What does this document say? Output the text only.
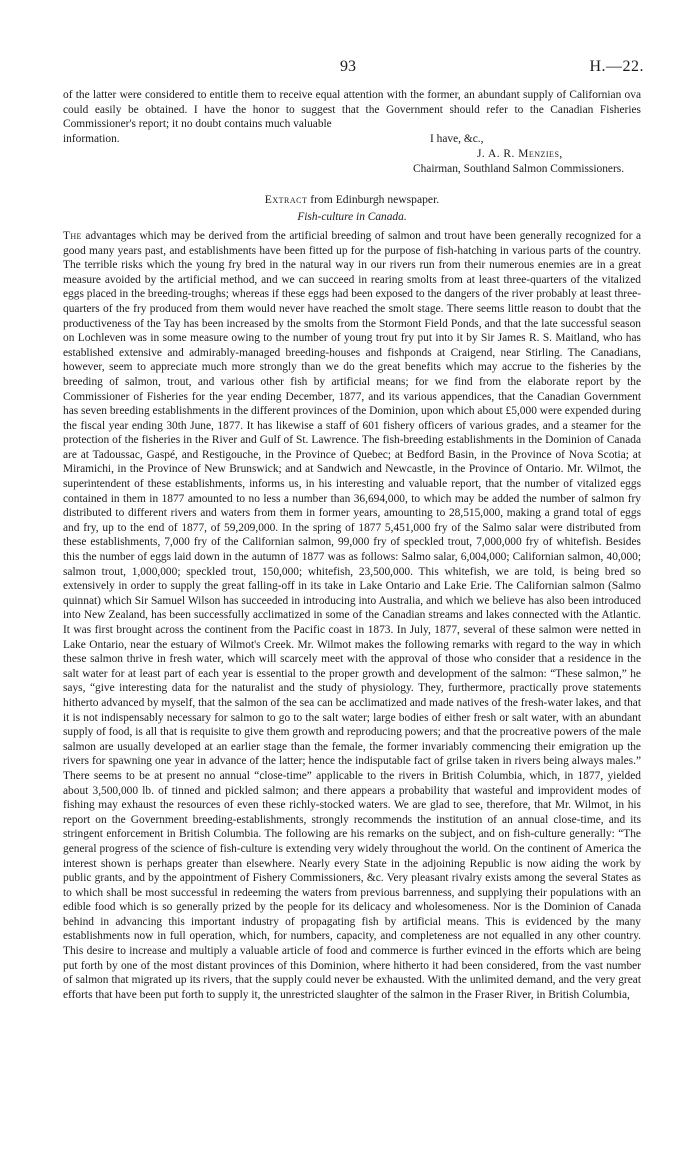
93	H.—22.

of the latter were considered to entitle them to receive equal attention with the former, an abundant supply of Californian ova could easily be obtained. I have the honor to suggest that the Government should refer to the Canadian Fisheries Commissioner's report; it no doubt contains much valuable

information.	I have, &c.,
J. A. R. Menzies,
Chairman, Southland Salmon Commissioners.
Extract from Edinburgh newspaper.
Fish-culture in Canada.

The advantages which may be derived from the artificial breeding of salmon and trout have been generally recognized for a good many years past, and establishments have been fitted up for the purpose of fish-hatching in various parts of the country. The terrible risks which the young fry bred in the natural way in our rivers run from their numerous enemies are in a great measure avoided by the artificial method, and we can succeed in rearing smolts from at least three-quarters of the vitalized eggs placed in the breeding-troughs; whereas if these eggs had been exposed to the dangers of the river probably at least three-quarters of the fry produced from them would never have reached the smolt stage. There seems little reason to doubt that the productiveness of the Tay has been increased by the smolts from the Stormont Field Ponds, and that the late successful season on Lochleven was in some measure owing to the number of young trout fry put into it by Sir James R. S. Maitland, who has established extensive and admirably-managed breeding-houses and fishponds at Craigend, near Stirling. The Canadians, however, seem to appreciate much more strongly than we do the great benefits which may accrue to the fisheries by the breeding of salmon, trout, and various other fish by artificial means; for we find from the elaborate report by the Commissioner of Fisheries for the year ending December, 1877, and its various appendices, that the Canadian Government has seven breeding establishments in the different provinces of the Dominion, upon which about £5,000 were expended during the fiscal year ending 30th June, 1877. It has likewise a staff of 601 fishery officers of various grades, and a steamer for the protection of the fisheries in the River and Gulf of St. Lawrence. The fish-breeding establishments in the Dominion of Canada are at Tadoussac, Gaspé, and Restigouche, in the Province of Quebec; at Bedford Basin, in the Province of Nova Scotia; at Miramichi, in the Province of New Brunswick; and at Sandwich and Newcastle, in the Province of Ontario. Mr. Wilmot, the superintendent of these establishments, informs us, in his interesting and valuable report, that the number of vitalized eggs contained in them in 1877 amounted to no less a number than 36,694,000, to which may be added the number of salmon fry distributed to different rivers and waters from them in former years, amounting to 28,515,000, making a grand total of eggs and fry, up to the end of 1877, of 59,209,000. In the spring of 1877 5,451,000 fry of the Salmo salar were distributed from these establishments, 7,000 fry of the Californian salmon, 99,000 fry of speckled trout, 7,000,000 fry of whitefish. Besides this the number of eggs laid down in the autumn of 1877 was as follows: Salmo salar, 6,004,000; Californian salmon, 40,000; salmon trout, 1,000,000; speckled trout, 150,000; whitefish, 23,500,000. This whitefish, we are told, is being bred so extensively in order to supply the great falling-off in its take in Lake Ontario and Lake Erie. The Californian salmon (Salmo quinnat) which Sir Samuel Wilson has succeeded in introducing into Australia, and which we believe has also been introduced into New Zealand, has been successfully acclimatized in some of the Canadian streams and lakes connected with the Atlantic. It was first brought across the continent from the Pacific coast in 1873. In July, 1877, several of these salmon were netted in Lake Ontario, near the estuary of Wilmot's Creek. Mr. Wilmot makes the following remarks with regard to the way in which these salmon thrive in fresh water, which will scarcely meet with the approval of those who consider that a residence in the salt water for at least part of each year is essential to the proper growth and development of the salmon: “These salmon,” he says, “give interesting data for the naturalist and the study of physiology. They, furthermore, practically prove statements hitherto advanced by myself, that the salmon of the sea can be acclimatized and made natives of the fresh-water lakes, and that it is not indispensably necessary for salmon to go to the salt water; large bodies of either fresh or salt water, with an abundant supply of food, is all that is requisite to give them growth and reproducing powers; and that the procreative powers of the male salmon are usually developed at an earlier stage than the female, the former invariably commencing their emigration up the rivers for spawning one year in advance of the latter; hence the indisputable fact of grilse taken in rivers being always males.” There seems to be at present no annual “close-time” applicable to the rivers in British Columbia, which, in 1877, yielded about 3,500,000 lb. of tinned and pickled salmon; and there appears a probability that wasteful and improvident modes of fishing may exhaust the resources of even these richly-stocked waters. We are glad to see, therefore, that Mr. Wilmot, in his report on the Government breeding-establishments, strongly recommends the institution of an annual close-time, and its stringent enforcement in British Columbia. The following are his remarks on the subject, and on fish-culture generally: “The general progress of the science of fish-culture is extending very widely throughout the world. On the continent of America the interest shown is perhaps greater than elsewhere. Nearly every State in the adjoining Republic is now aiding the work by public grants, and by the appointment of Fishery Commissioners, &c. Very pleasant rivalry exists among the several States as to which shall be most successful in redeeming the waters from previous barrenness, and supplying their populations with an edible food which is so generally prized by the people for its delicacy and wholesomeness. Nor is the Dominion of Canada behind in advancing this important industry of propagating fish by artificial means. This is evidenced by the many establishments now in full operation, which, for numbers, capacity, and completeness are not equalled in any other country. This desire to increase and multiply a valuable article of food and commerce is further evinced in the efforts which are being put forth by one of the most distant provinces of this Dominion, where hitherto it had been considered, from the vast number of salmon that migrated up its rivers, that the supply could never be exhausted. With the unlimited demand, and the very great efforts that have been put forth to supply it, the unrestricted slaughter of the salmon in the Fraser River, in British Columbia,
